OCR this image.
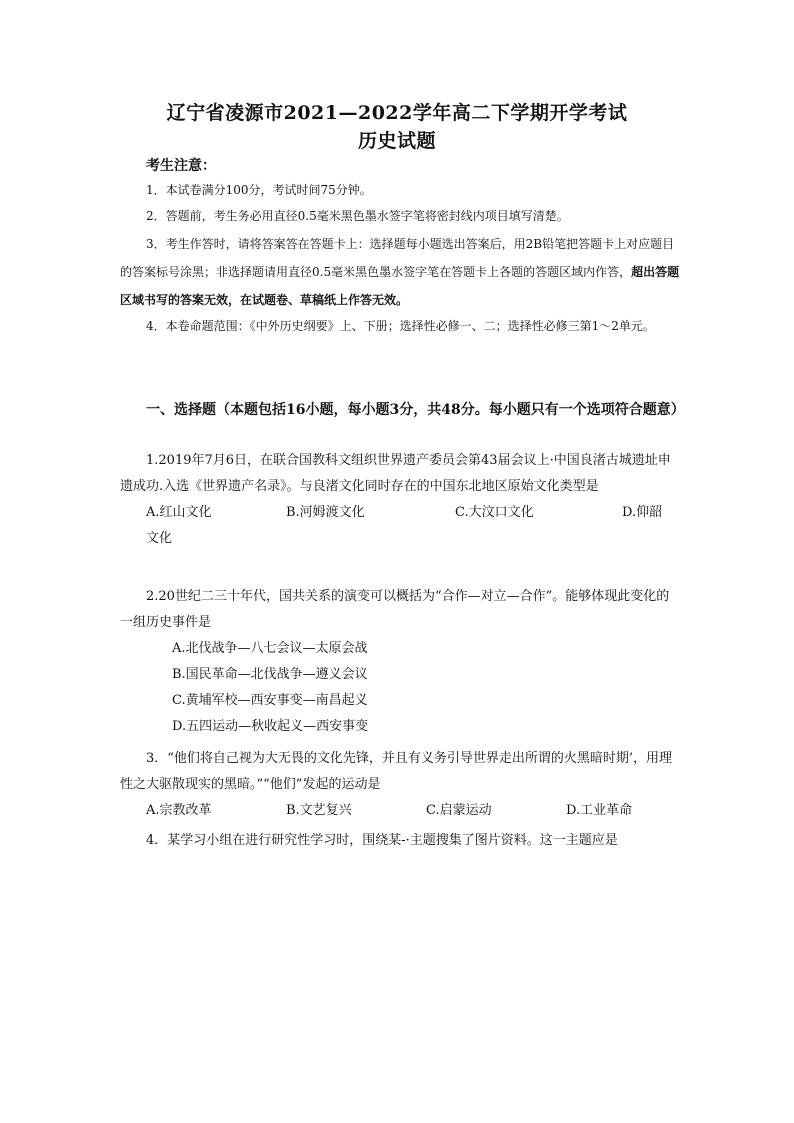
辽宁省凌源市2021—2022学年高二下学期开学考试
历史试题
考生注意：

1．本试卷满分100分，考试时间75分钟。

2．答题前，考生务必用直径0.5毫米黑色墨水签字笔将密封线内项目填写清楚。

3．考生作答时，请将答案答在答题卡上：选择题每小题选出答案后，用2B铅笔把答题卡上对应题目的答案标号涂黑；非选择题请用直径0.5毫米黑色墨水签字笔在答题卡上各题的答题区域内作答，超出答题区域书写的答案无效，在试题卷、草稿纸上作答无效。

4．本卷命题范围：《中外历史纲要》上、下册；选择性必修一、二；选择性必修三第1～2单元。

一、选择题（本题包括16小题，每小题3分，共48分。每小题只有一个选项符合题意）

1.2019年7月6日，在联合国教科文组织世界遗产委员会第43届会议上·中国良渚古城遗址申遗成功.入选《世界遗产名录》。与良渚文化同时存在的中国东北地区原始文化类型是

A.红山文化	B.河姆渡文化	C.大汶口文化	D.仰韶

文化

2.20世纪二三十年代，国共关系的演变可以概括为“合作—对立—合作”。能够体现此变化的一组历史事件是

A.北伐战争—八七会议—太原会战

B.国民革命—北伐战争—遵义会议

C.黄埔军校—西安事变—南昌起义

D.五四运动—秋收起义—西安事变

3．“他们将自己视为大无畏的文化先锋，并且有义务引导世界走出所谓的火黑暗时期’，用理性之大驱散现实的黑暗。”“他们”发起的运动是

A.宗教改革	B.文艺复兴	C.启蒙运动	D.工业革命

4．某学习小组在进行研究性学习时，围绕某-·主题搜集了图片资料。这一主题应是
